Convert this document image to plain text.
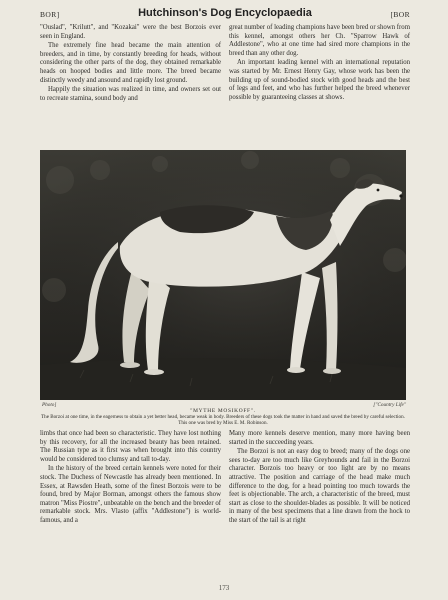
BOR]	Hutchinson's Dog Encyclopaedia	[BOR

"Ouslad", "Krilutt", and "Kozakai" were the best Borzois ever seen in England.

The extremely fine head became the main attention of breeders, and in time, by constantly breeding for heads, without considering the other parts of the dog, they obtained remarkable heads on hooped bodies and little more. The breed became distinctly weedy and ansound and rapidly lost ground.

Happily the situation was realized in time, and owners set out to recreate stamina, sound body and

great number of leading champions have been bred or shown from this kennel, amongst others her Ch. "Sparrow Hawk of Addlestone", who at one time had sired more champions in the breed than any other dog.

An important leading kennel with an international reputation was started by Mr. Ernest Henry Gay, whose work has been the building up of sound-bodied stock with good heads and the best of legs and feet, and who has further helped the breed whenever possible by guaranteeing classes at shows.

Photo]	["Country Life"
"MYTHE MOSIKOFF".
The Borzoi at one time, in the eagerness to obtain a yet better head, became weak in body. Breeders of these dogs took the matter in hand and saved the breed by careful selection. This one was bred by Miss E. M. Robinson.

limbs that once had been so characteristic. They have lost nothing by this recovery, for all the increased beauty has been retained. The Russian type as it first was when brought into this country would be considered too clumsy and tall to-day.

In the history of the breed certain kennels were noted for their stock. The Duchess of Newcastle has already been mentioned. In Essex, at Rawsden Heath, some of the finest Borzois were to be found, bred by Major Borman, amongst others the famous show matron "Miss Piostre", unbeatable on the bench and the breeder of remarkable stock. Mrs. Vlasto (affix "Addlestone") is world-famous, and a

Many more kennels deserve mention, many more having been started in the succeeding years.

The Borzoi is not an easy dog to breed; many of the dogs one sees to-day are too much like Greyhounds and fail in the Borzoi character. Borzois too heavy or too light are by no means attractive. The position and carriage of the head make much difference to the dog, for a head pointing too much towards the feet is objectionable. The arch, a characteristic of the breed, must start as close to the shoulder-blades as possible. It will be noticed in many of the best specimens that a line drawn from the hock to the start of the tail is at right

173
